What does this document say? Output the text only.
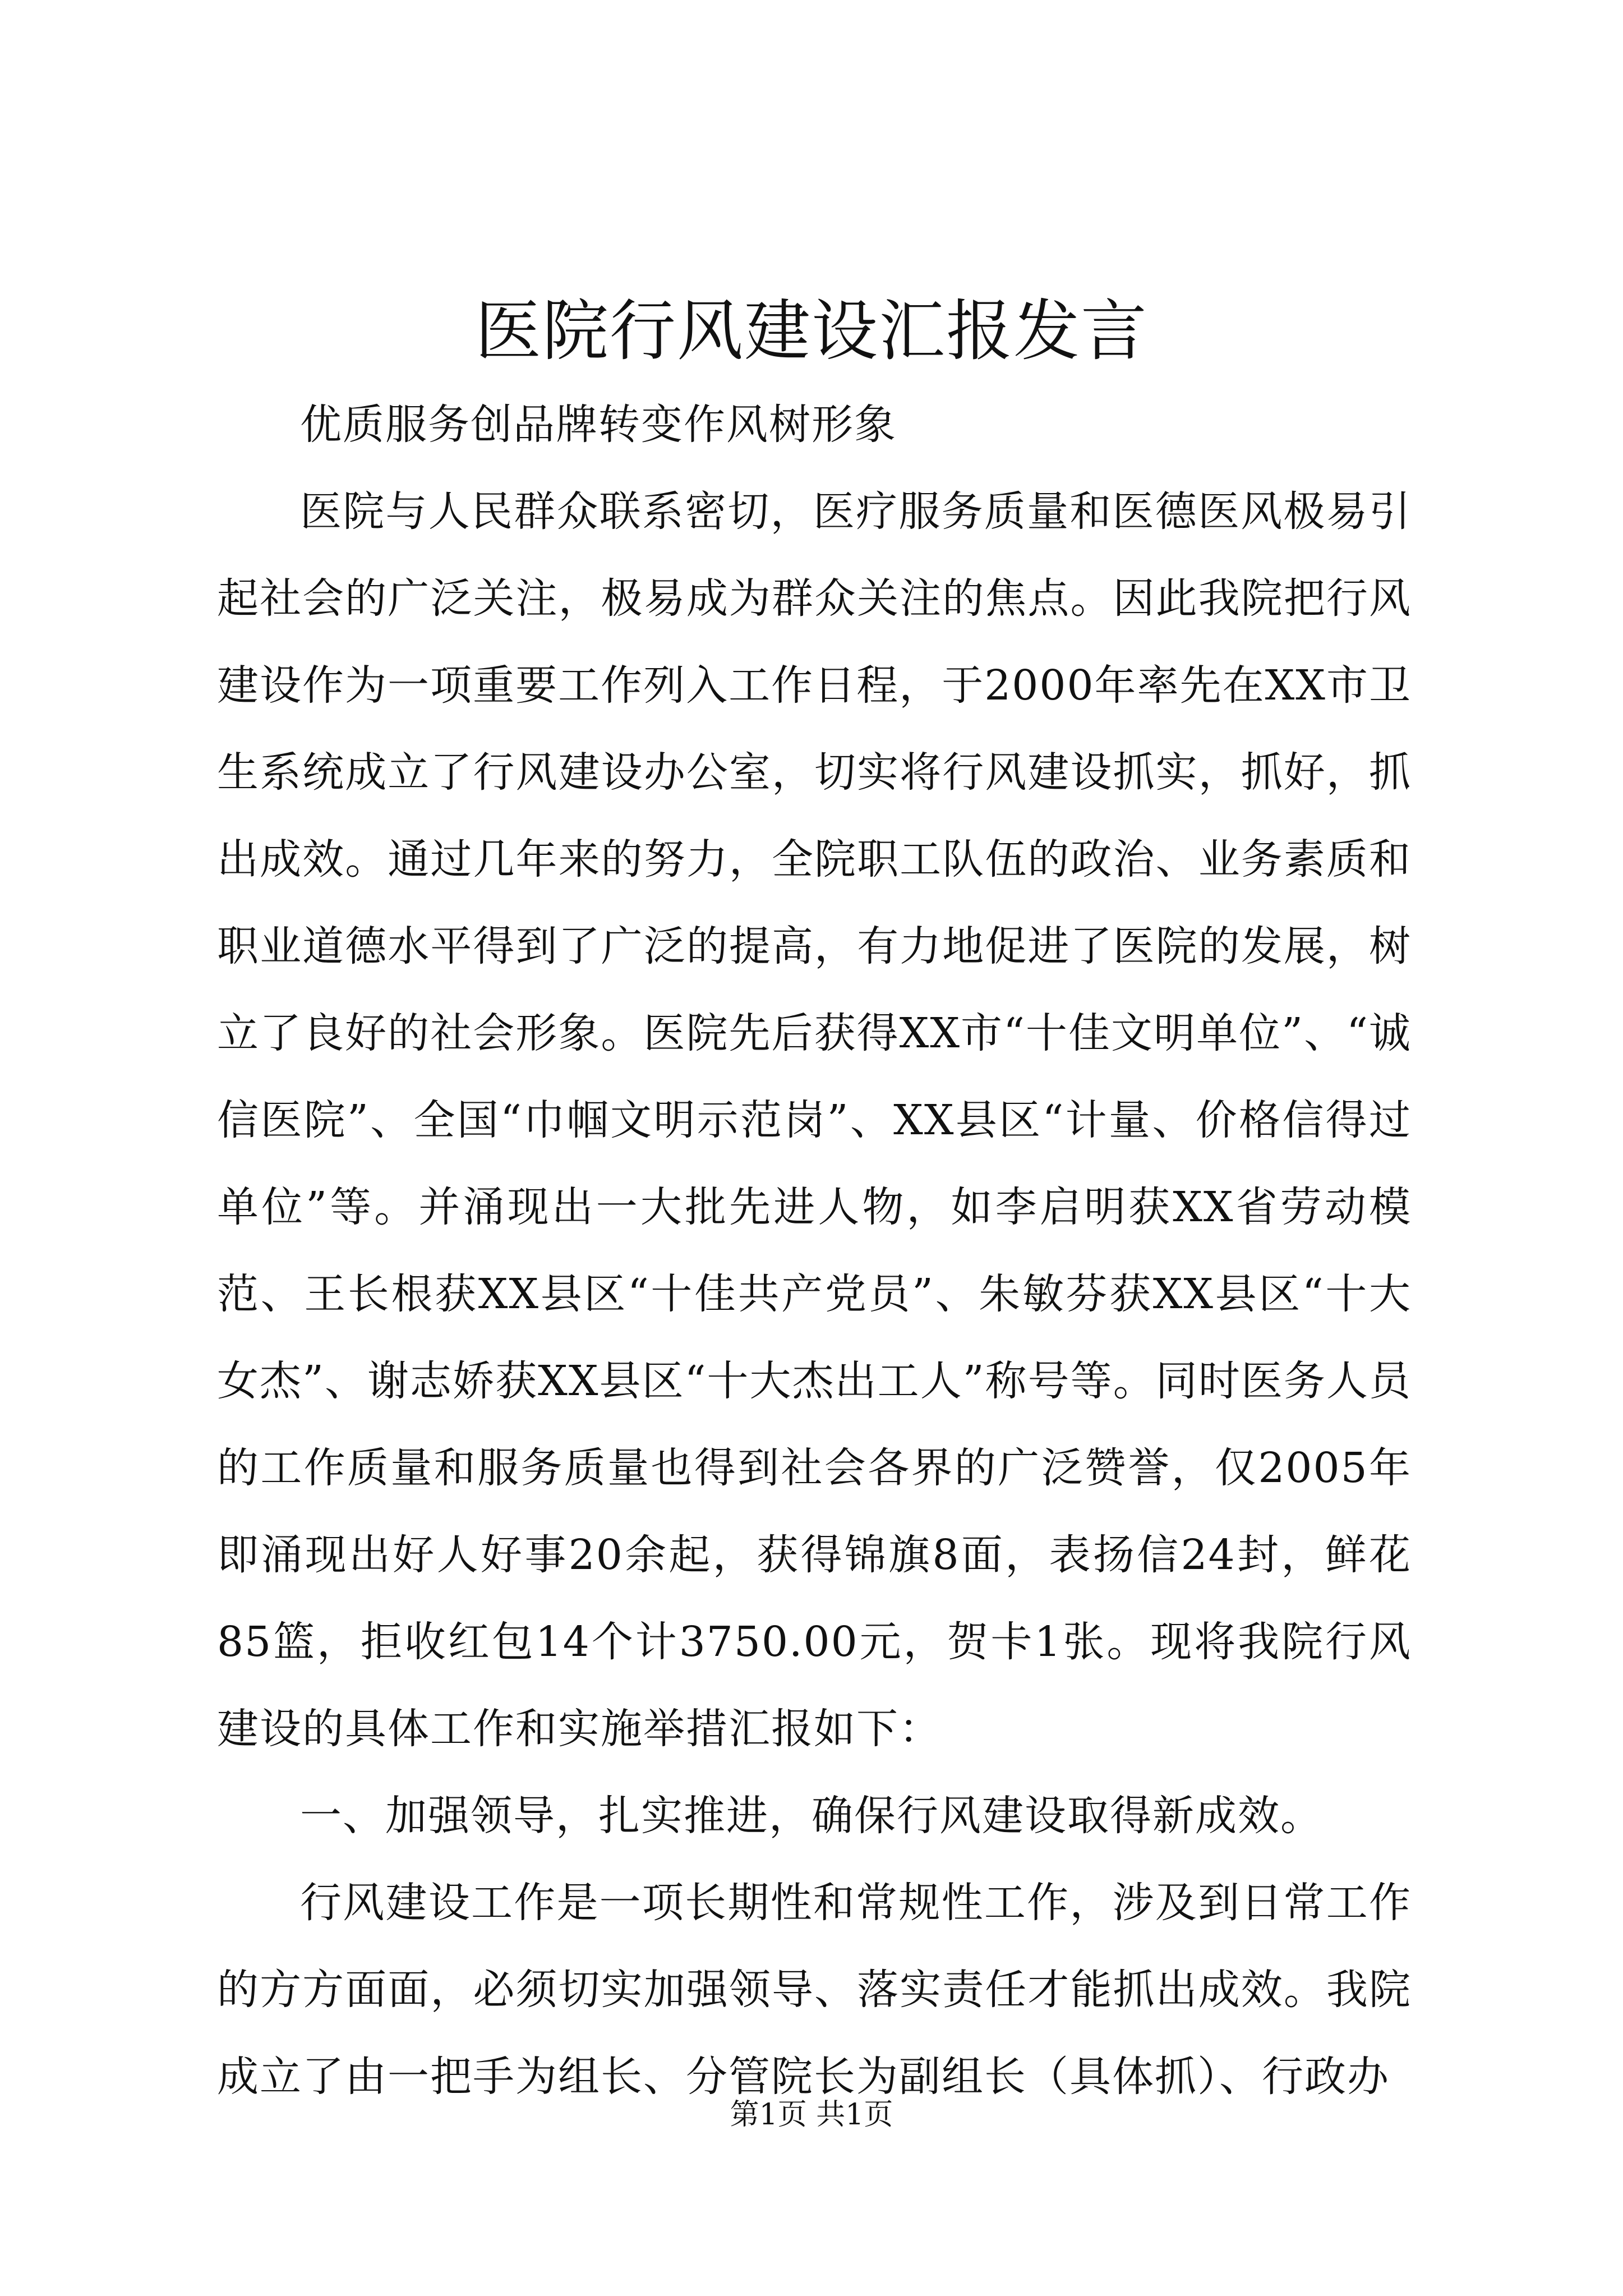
医院行风建设汇报发言

优质服务创品牌转变作风树形象

医院与人民群众联系密切，医疗服务质量和医德医风极易引起社会的广泛关注，极易成为群众关注的焦点。因此我院把行风建设作为一项重要工作列入工作日程，于2000年率先在XX市卫生系统成立了行风建设办公室，切实将行风建设抓实，抓好，抓出成效。通过几年来的努力，全院职工队伍的政治、业务素质和职业道德水平得到了广泛的提高，有力地促进了医院的发展，树立了良好的社会形象。医院先后获得XX市“十佳文明单位”、“诚信医院”、全国“巾帼文明示范岗”、XX县区“计量、价格信得过单位”等。并涌现出一大批先进人物，如李启明获XX省劳动模范、王长根获XX县区“十佳共产党员”、朱敏芬获XX县区“十大女杰”、谢志娇获XX县区“十大杰出工人”称号等。同时医务人员的工作质量和服务质量也得到社会各界的广泛赞誉，仅2005年即涌现出好人好事20余起，获得锦旗8面，表扬信24封，鲜花85篮，拒收红包14个计3750.00元，贺卡1张。现将我院行风建设的具体工作和实施举措汇报如下：

一、加强领导，扎实推进，确保行风建设取得新成效。

行风建设工作是一项长期性和常规性工作，涉及到日常工作的方方面面，必须切实加强领导、落实责任才能抓出成效。我院成立了由一把手为组长、分管院长为副组长（具体抓）、行政办

第1页 共1页
